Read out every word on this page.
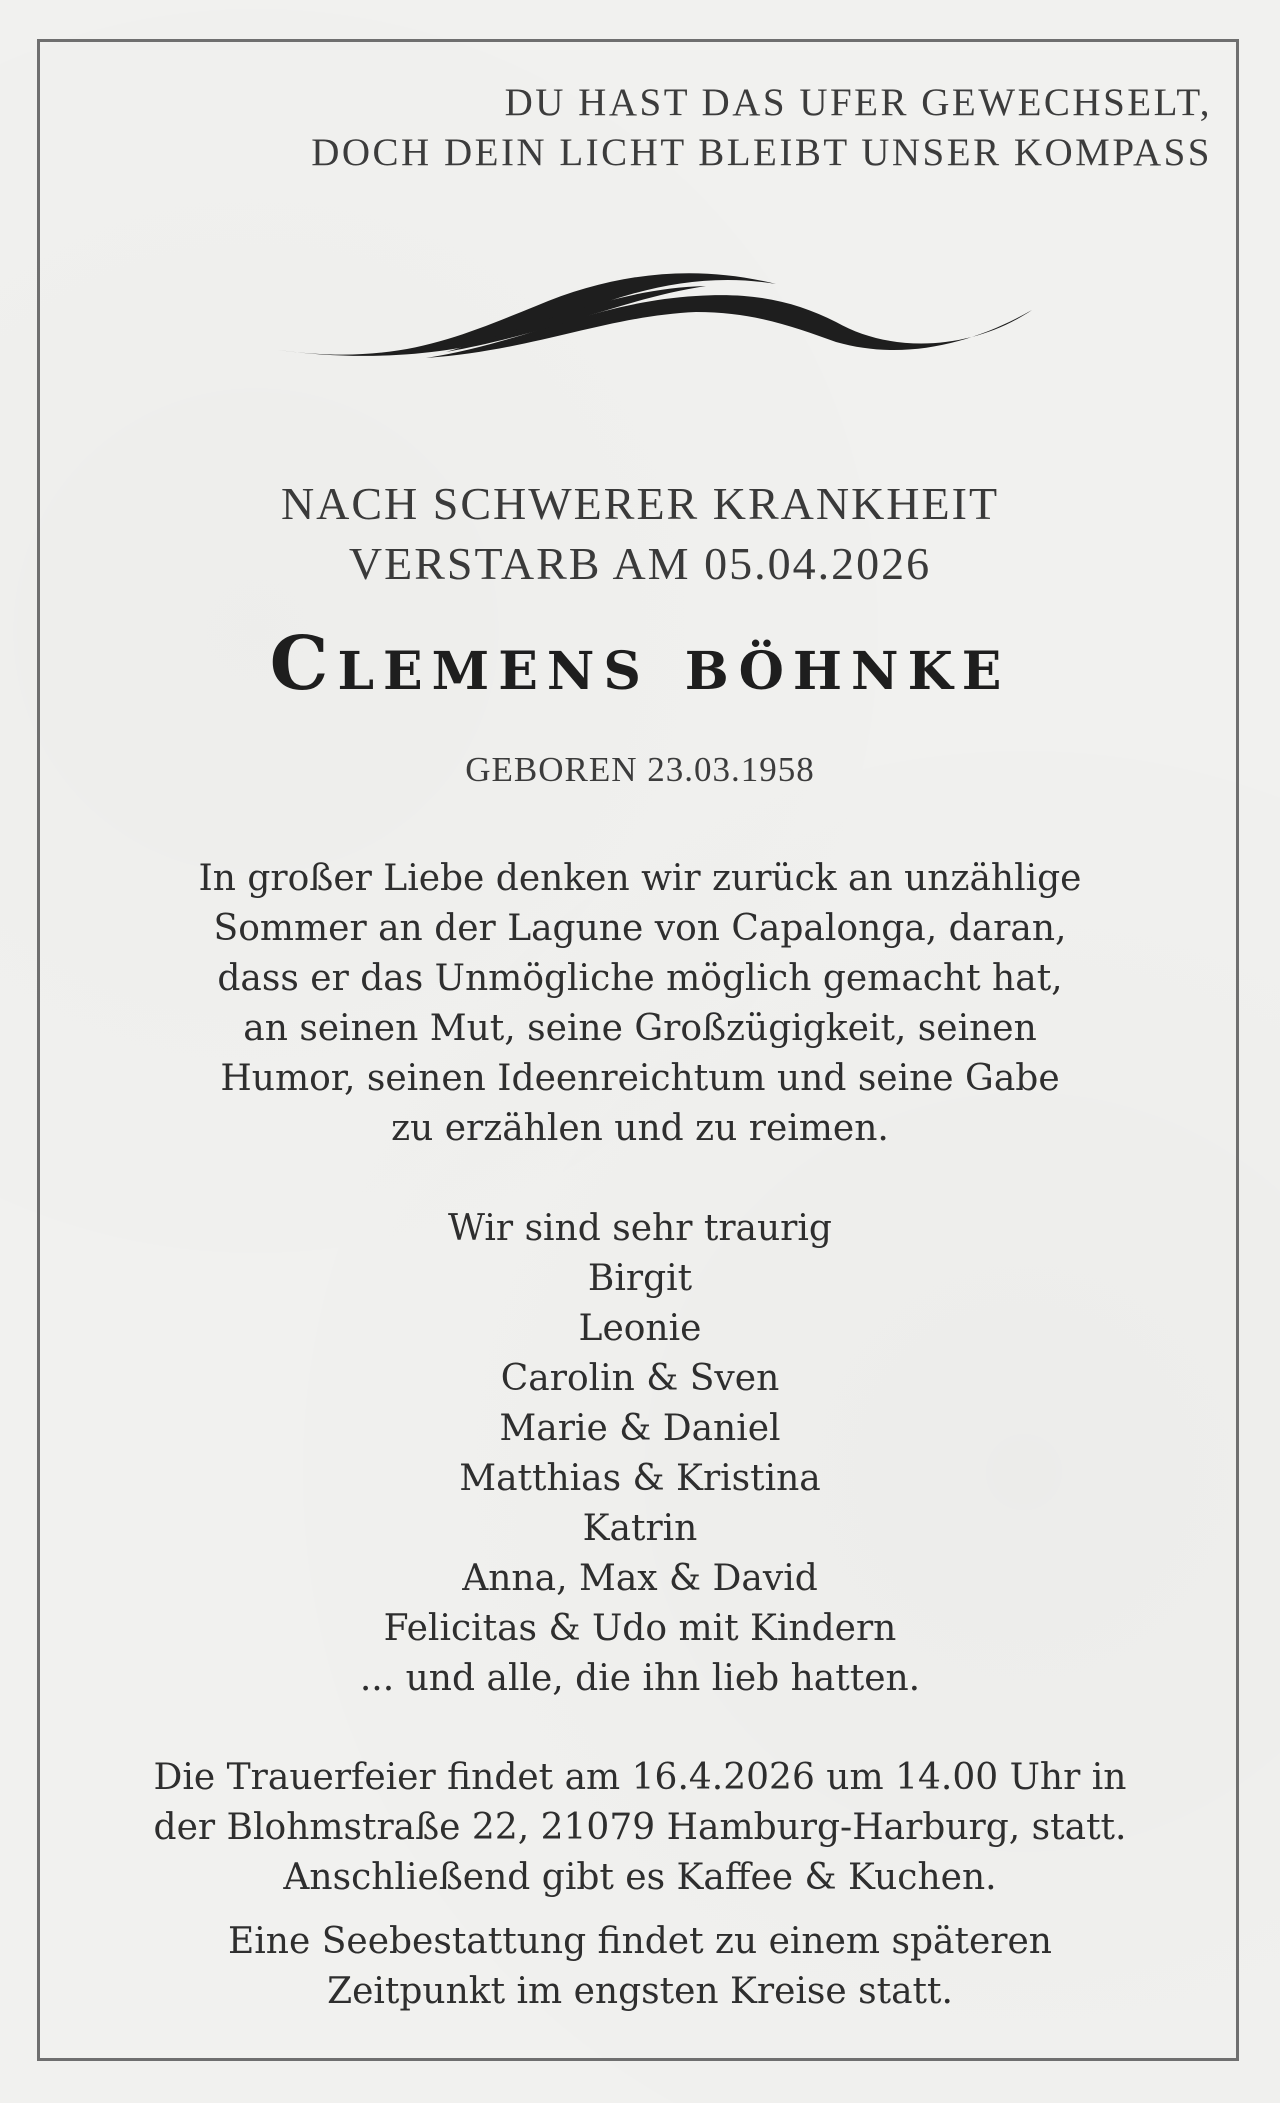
DU HAST DAS UFER GEWECHSELT,
DOCH DEIN LICHT BLEIBT UNSER KOMPASS
NACH SCHWERER KRANKHEIT
VERSTARB AM 05.04.2026
Clemens böhnke
GEBOREN 23.03.1958
In großer Liebe denken wir zurück an unzählige
Sommer an der Lagune von Capalonga, daran,
dass er das Unmögliche möglich gemacht hat,
an seinen Mut, seine Großzügigkeit, seinen
Humor, seinen Ideenreichtum und seine Gabe
zu erzählen und zu reimen.
Wir sind sehr traurig
Birgit
Leonie
Carolin & Sven
Marie & Daniel
Matthias & Kristina
Katrin
Anna, Max & David
Felicitas & Udo mit Kindern
... und alle, die ihn lieb hatten.
Die Trauerfeier findet am 16.4.2026 um 14.00 Uhr in
der Blohmstraße 22, 21079 Hamburg-Harburg, statt.
Anschließend gibt es Kaffee & Kuchen.
Eine Seebestattung findet zu einem späteren
Zeitpunkt im engsten Kreise statt.
